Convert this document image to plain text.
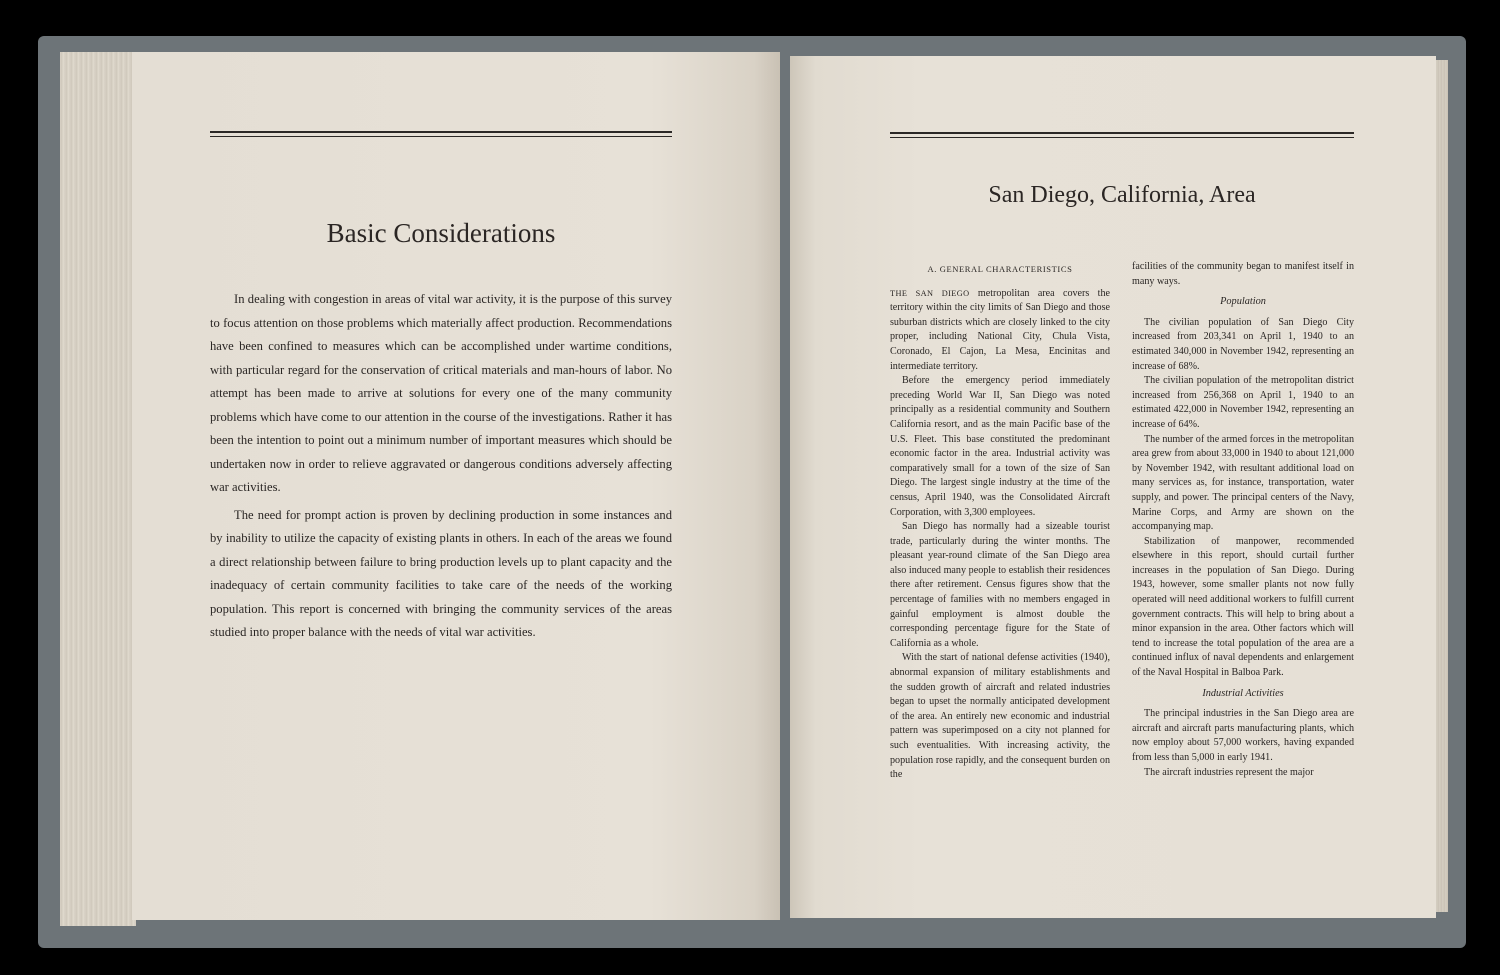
Basic Considerations

In dealing with congestion in areas of vital war activity, it is the purpose of this survey to focus attention on those problems which materially affect production. Recommendations have been confined to measures which can be accomplished under wartime conditions, with particular regard for the conservation of critical materials and man-hours of labor. No attempt has been made to arrive at solutions for every one of the many community problems which have come to our attention in the course of the investigations. Rather it has been the intention to point out a minimum number of important measures which should be undertaken now in order to relieve aggravated or dangerous conditions adversely affecting war activities.

The need for prompt action is proven by declining production in some instances and by inability to utilize the capacity of existing plants in others. In each of the areas we found a direct relationship between failure to bring production levels up to plant capacity and the inadequacy of certain community facilities to take care of the needs of the working population. This report is concerned with bringing the community services of the areas studied into proper balance with the needs of vital war activities.

San Diego, California, Area
A. GENERAL CHARACTERISTICS

THE SAN DIEGO metropolitan area covers the territory within the city limits of San Diego and those suburban districts which are closely linked to the city proper, including National City, Chula Vista, Coronado, El Cajon, La Mesa, Encinitas and intermediate territory.

Before the emergency period immediately preceding World War II, San Diego was noted principally as a residential community and Southern California resort, and as the main Pacific base of the U.S. Fleet. This base constituted the predominant economic factor in the area. Industrial activity was comparatively small for a town of the size of San Diego. The largest single industry at the time of the census, April 1940, was the Consolidated Aircraft Corporation, with 3,300 employees.

San Diego has normally had a sizeable tourist trade, particularly during the winter months. The pleasant year-round climate of the San Diego area also induced many people to establish their residences there after retirement. Census figures show that the percentage of families with no members engaged in gainful employment is almost double the corresponding percentage figure for the State of California as a whole.

With the start of national defense activities (1940), abnormal expansion of military establishments and the sudden growth of aircraft and related industries began to upset the normally anticipated development of the area. An entirely new economic and industrial pattern was superimposed on a city not planned for such eventualities. With increasing activity, the population rose rapidly, and the consequent burden on the

facilities of the community began to manifest itself in many ways.

Population

The civilian population of San Diego City increased from 203,341 on April 1, 1940 to an estimated 340,000 in November 1942, representing an increase of 68%.

The civilian population of the metropolitan district increased from 256,368 on April 1, 1940 to an estimated 422,000 in November 1942, representing an increase of 64%.

The number of the armed forces in the metropolitan area grew from about 33,000 in 1940 to about 121,000 by November 1942, with resultant additional load on many services as, for instance, transportation, water supply, and power. The principal centers of the Navy, Marine Corps, and Army are shown on the accompanying map.

Stabilization of manpower, recommended elsewhere in this report, should curtail further increases in the population of San Diego. During 1943, however, some smaller plants not now fully operated will need additional workers to fulfill current government contracts. This will help to bring about a minor expansion in the area. Other factors which will tend to increase the total population of the area are a continued influx of naval dependents and enlargement of the Naval Hospital in Balboa Park.

Industrial Activities

The principal industries in the San Diego area are aircraft and aircraft parts manufacturing plants, which now employ about 57,000 workers, having expanded from less than 5,000 in early 1941.

The aircraft industries represent the major
